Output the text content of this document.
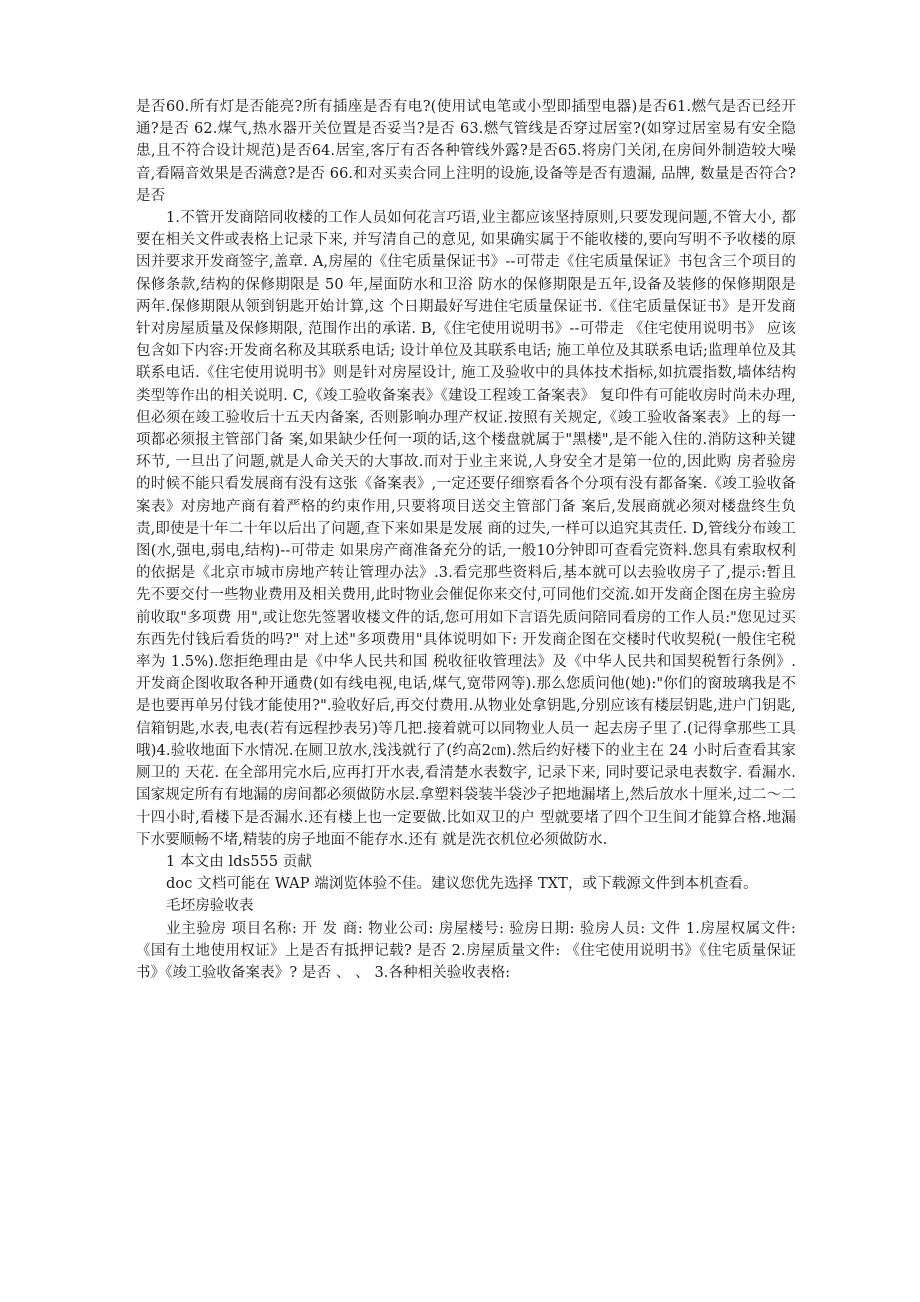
是否60.所有灯是否能亮?所有插座是否有电?(使用试电笔或小型即插型电器)是否61.燃气是否已经开通?是否 62.煤气,热水器开关位置是否妥当?是否 63.燃气管线是否穿过居室?(如穿过居室易有安全隐患,且不符合设计规范)是否64.居室,客厅有否各种管线外露?是否65.将房门关闭,在房间外制造较大噪音,看隔音效果是否满意?是否 66.和对买卖合同上注明的设施,设备等是否有遗漏, 品牌, 数量是否符合?是否

1.不管开发商陪同收楼的工作人员如何花言巧语,业主都应该坚持原则,只要发现问题,不管大小, 都要在相关文件或表格上记录下来, 并写清自己的意见, 如果确实属于不能收楼的,要向写明不予收楼的原因并要求开发商签字,盖章. A,房屋的《住宅质量保证书》--可带走《住宅质量保证》书包含三个项目的保修条款,结构的保修期限是 50 年,屋面防水和卫浴 防水的保修期限是五年,设备及装修的保修期限是两年.保修期限从领到钥匙开始计算,这 个日期最好写进住宅质量保证书.《住宅质量保证书》是开发商针对房屋质量及保修期限, 范围作出的承诺. B,《住宅使用说明书》--可带走 《住宅使用说明书》 应该包含如下内容:开发商名称及其联系电话; 设计单位及其联系电话; 施工单位及其联系电话;监理单位及其联系电话.《住宅使用说明书》则是针对房屋设计, 施工及验收中的具体技术指标,如抗震指数,墙体结构类型等作出的相关说明. C,《竣工验收备案表》《建设工程竣工备案表》 复印件有可能收房时尚未办理, 但必须在竣工验收后十五天内备案, 否则影响办理产权证.按照有关规定,《竣工验收备案表》上的每一项都必须报主管部门备 案,如果缺少任何一项的话,这个楼盘就属于"黑楼",是不能入住的.消防这种关键环节, 一旦出了问题,就是人命关天的大事故.而对于业主来说,人身安全才是第一位的,因此购 房者验房的时候不能只看发展商有没有这张《备案表》,一定还要仔细察看各个分项有没有都备案.《竣工验收备案表》对房地产商有着严格的约束作用,只要将项目送交主管部门备 案后,发展商就必须对楼盘终生负责,即使是十年二十年以后出了问题,查下来如果是发展 商的过失,一样可以追究其责任. D,管线分布竣工图(水,强电,弱电,结构)--可带走 如果房产商准备充分的话,一般10分钟即可查看完资料.您具有索取权利的依据是《北京市城市房地产转让管理办法》.3.看完那些资料后,基本就可以去验收房子了,提示:暂且先不要交付一些物业费用及相关费用,此时物业会催促你来交付,可同他们交流.如开发商企图在房主验房前收取"多项费 用",或让您先签署收楼文件的话,您可用如下言语先质问陪同看房的工作人员:"您见过买 东西先付钱后看货的吗?" 对上述"多项费用"具体说明如下: 开发商企图在交楼时代收契税(一般住宅税率为 1.5%).您拒绝理由是《中华人民共和国 税收征收管理法》及《中华人民共和国契税暂行条例》.开发商企图收取各种开通费(如有线电视,电话,煤气,宽带网等).那么您质问他(她):"你们的窗玻璃我是不是也要再单另付钱才能使用?".验收好后,再交付费用.从物业处拿钥匙,分别应该有楼层钥匙,进户门钥匙,信箱钥匙,水表,电表(若有远程抄表另)等几把.接着就可以同物业人员一 起去房子里了.(记得拿那些工具哦)4.验收地面下水情况.在厕卫放水,浅浅就行了(约高2㎝).然后约好楼下的业主在 24 小时后查看其家厕卫的 天花. 在全部用完水后,应再打开水表,看清楚水表数字, 记录下来, 同时要记录电表数字. 看漏水.国家规定所有有地漏的房间都必须做防水层.拿塑料袋装半袋沙子把地漏堵上,然后放水十厘米,过二～二十四小时,看楼下是否漏水.还有楼上也一定要做.比如双卫的户 型就要堵了四个卫生间才能算合格.地漏下水要顺畅不堵,精装的房子地面不能存水.还有 就是洗衣机位必须做防水.

1 本文由 lds555 贡献

doc 文档可能在 WAP 端浏览体验不佳。建议您优先选择 TXT，或下载源文件到本机查看。

毛坯房验收表

业主验房 项目名称: 开 发 商: 物业公司: 房屋楼号: 验房日期: 验房人员: 文件 1.房屋权属文件: 《国有土地使用权证》上是否有抵押记载? 是否 2.房屋质量文件: 《住宅使用说明书》《住宅质量保证书》《竣工验收备案表》? 是否 、 、 3.各种相关验收表格:
